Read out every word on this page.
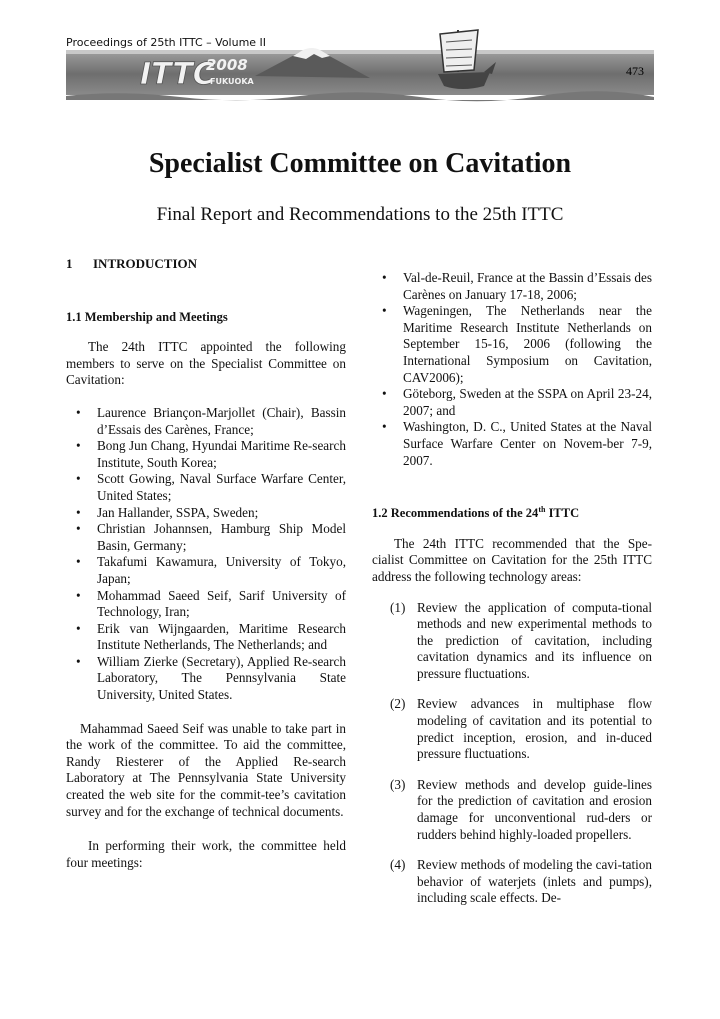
Proceedings of 25th ITTC – Volume II
ITTC
2008
FUKUOKA
473
Specialist Committee on Cavitation
Final Report and Recommendations to the 25th ITTC
1 INTRODUCTION
1.1 Membership and Meetings

The 24th ITTC appointed the following members to serve on the Specialist Committee on Cavitation:

• Laurence Briançon-Marjollet (Chair), Bassin d’Essais des Carènes, France;
• Bong Jun Chang, Hyundai Maritime Re-search Institute, South Korea;
• Scott Gowing, Naval Surface Warfare Center, United States;
• Jan Hallander, SSPA, Sweden;
• Christian Johannsen, Hamburg Ship Model Basin, Germany;
• Takafumi Kawamura, University of Tokyo, Japan;
• Mohammad Saeed Seif, Sarif University of Technology, Iran;
• Erik van Wijngaarden, Maritime Research Institute Netherlands, The Netherlands; and
• William Zierke (Secretary), Applied Re-search Laboratory, The Pennsylvania State University, United States.

Mahammad Saeed Seif was unable to take part in the work of the committee. To aid the committee, Randy Riesterer of the Applied Re-search Laboratory at The Pennsylvania State University created the web site for the commit-tee’s cavitation survey and for the exchange of technical documents.

In performing their work, the committee held four meetings:

• Val-de-Reuil, France at the Bassin d’Essais des Carènes on January 17-18, 2006;
• Wageningen, The Netherlands near the Maritime Research Institute Netherlands on September 15-16, 2006 (following the International Symposium on Cavitation, CAV2006);
• Göteborg, Sweden at the SSPA on April 23-24, 2007; and
• Washington, D. C., United States at the Naval Surface Warfare Center on Novem-ber 7-9, 2007.
1.2 Recommendations of the 24th ITTC

The 24th ITTC recommended that the Spe-cialist Committee on Cavitation for the 25th ITTC address the following technology areas:

(1) Review the application of computa-tional methods and new experimental methods to the prediction of cavitation, including cavitation dynamics and its influence on pressure fluctuations.
(2) Review advances in multiphase flow modeling of cavitation and its potential to predict inception, erosion, and in-duced pressure fluctuations.
(3) Review methods and develop guide-lines for the prediction of cavitation and erosion damage for unconventional rud-ders or rudders behind highly-loaded propellers.
(4) Review methods of modeling the cavi-tation behavior of waterjets (inlets and pumps), including scale effects. De-
